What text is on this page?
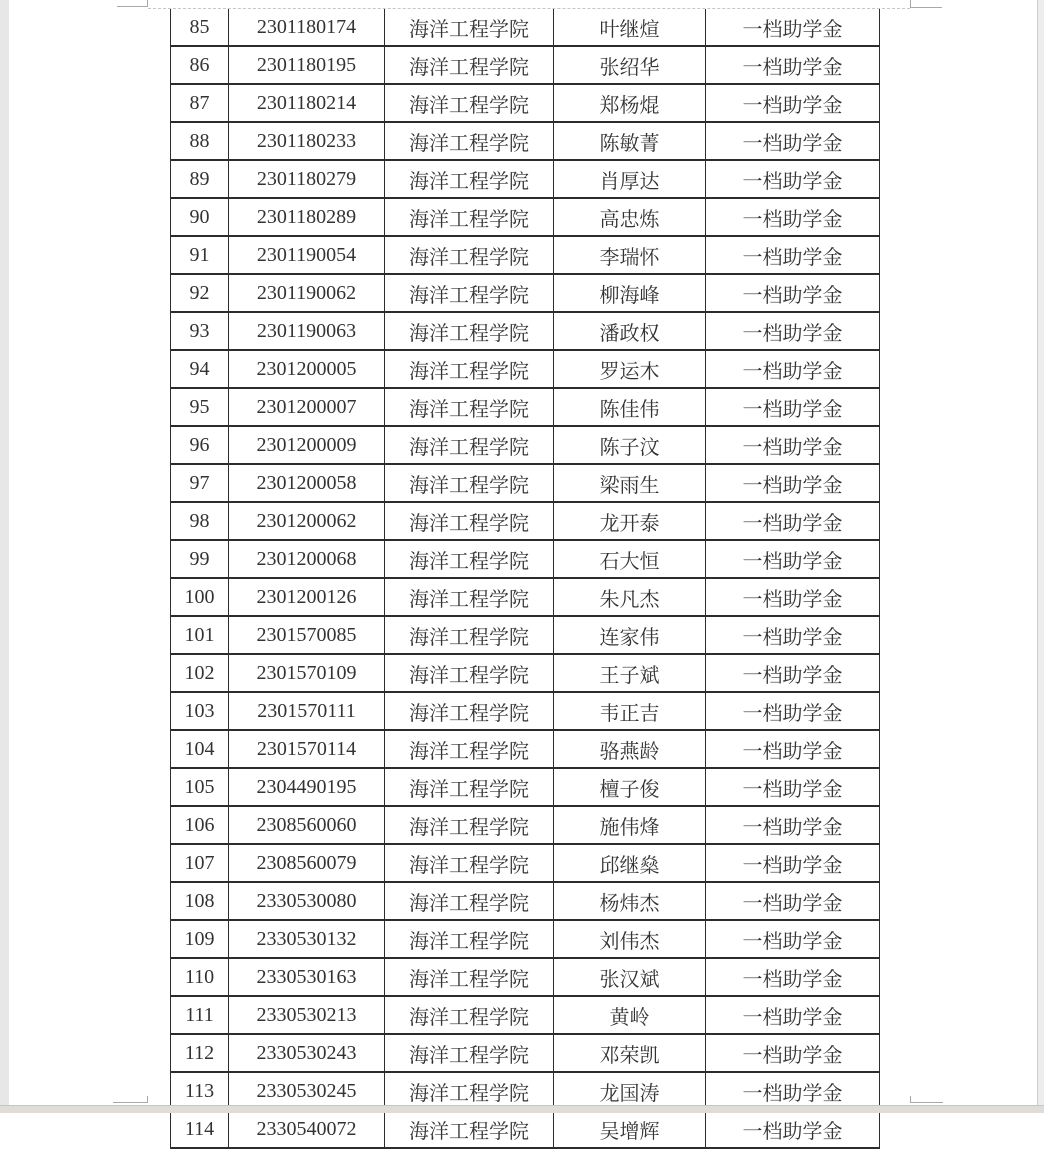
85	2301180174	海洋工程学院	叶继煊	一档助学金
86	2301180195	海洋工程学院	张绍华	一档助学金
87	2301180214	海洋工程学院	郑杨焜	一档助学金
88	2301180233	海洋工程学院	陈敏菁	一档助学金
89	2301180279	海洋工程学院	肖厚达	一档助学金
90	2301180289	海洋工程学院	高忠炼	一档助学金
91	2301190054	海洋工程学院	李瑞怀	一档助学金
92	2301190062	海洋工程学院	柳海峰	一档助学金
93	2301190063	海洋工程学院	潘政权	一档助学金
94	2301200005	海洋工程学院	罗运木	一档助学金
95	2301200007	海洋工程学院	陈佳伟	一档助学金
96	2301200009	海洋工程学院	陈子汶	一档助学金
97	2301200058	海洋工程学院	梁雨生	一档助学金
98	2301200062	海洋工程学院	龙开泰	一档助学金
99	2301200068	海洋工程学院	石大恒	一档助学金
100	2301200126	海洋工程学院	朱凡杰	一档助学金
101	2301570085	海洋工程学院	连家伟	一档助学金
102	2301570109	海洋工程学院	王子斌	一档助学金
103	2301570111	海洋工程学院	韦正吉	一档助学金
104	2301570114	海洋工程学院	骆燕龄	一档助学金
105	2304490195	海洋工程学院	檀子俊	一档助学金
106	2308560060	海洋工程学院	施伟烽	一档助学金
107	2308560079	海洋工程学院	邱继燊	一档助学金
108	2330530080	海洋工程学院	杨炜杰	一档助学金
109	2330530132	海洋工程学院	刘伟杰	一档助学金
110	2330530163	海洋工程学院	张汉斌	一档助学金
111	2330530213	海洋工程学院	黄岭	一档助学金
112	2330530243	海洋工程学院	邓荣凯	一档助学金
113	2330530245	海洋工程学院	龙国涛	一档助学金
114	2330540072	海洋工程学院	吴增辉	一档助学金
